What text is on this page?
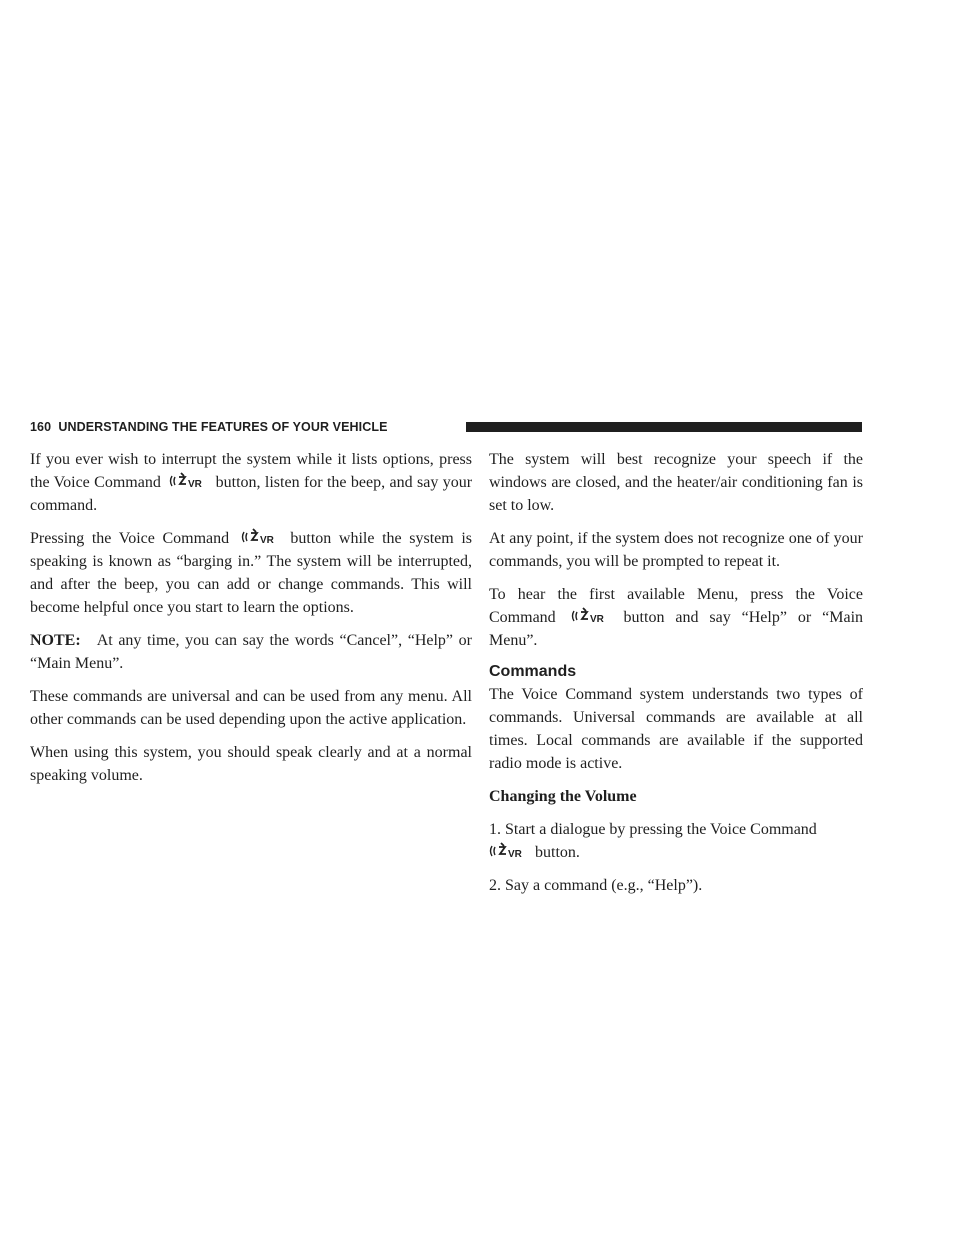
160 UNDERSTANDING THE FEATURES OF YOUR VEHICLE

If you ever wish to interrupt the system while it lists options, press the Voice Command	VR button, listen for the beep, and say your command.

Pressing the Voice Command	VR button while the system is speaking is known as “barging in.” The system will be interrupted, and after the beep, you can add or change commands. This will become helpful once you start to learn the options.

NOTE: At any time, you can say the words “Cancel”, “Help” or “Main Menu”.

These commands are universal and can be used from any menu. All other commands can be used depending upon the active application.

When using this system, you should speak clearly and at a normal speaking volume.

The system will best recognize your speech if the windows are closed, and the heater/air conditioning fan is set to low.

At any point, if the system does not recognize one of your commands, you will be prompted to repeat it.

To hear the first available Menu, press the Voice Command	VR button and say “Help” or “Main Menu”.

Commands

The Voice Command system understands two types of commands. Universal commands are available at all times. Local commands are available if the supported radio mode is active.

Changing the Volume

1. Start a dialogue by pressing the Voice Command

VR button.

2. Say a command (e.g., “Help”).
